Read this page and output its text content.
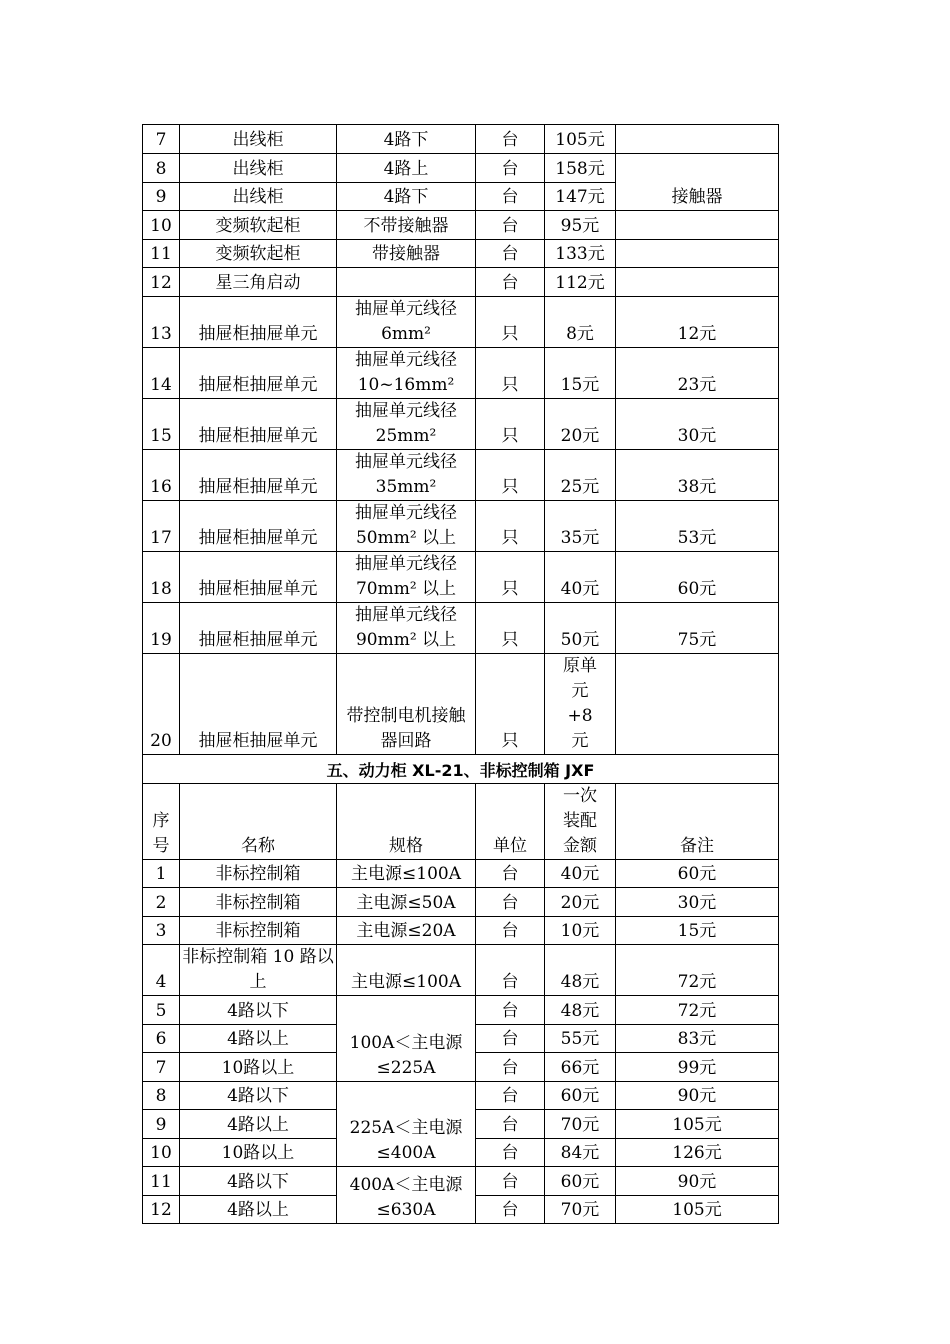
7	出线柜	4路下	台	105元	
8	出线柜	4路上	台	158元	接触器
9	出线柜	4路下	台	147元	
10	变频软起柜	不带接触器	台	95元	
11	变频软起柜	带接触器	台	133元	
12	星三角启动		台	112元	
13	抽屉柜抽屉单元	抽屉单元线径 6mm²	只	8元	12元
14	抽屉柜抽屉单元	抽屉单元线径 10~16mm²	只	15元	23元
15	抽屉柜抽屉单元	抽屉单元线径 25mm²	只	20元	30元
16	抽屉柜抽屉单元	抽屉单元线径 35mm²	只	25元	38元
17	抽屉柜抽屉单元	抽屉单元线径 50mm² 以上	只	35元	53元
18	抽屉柜抽屉单元	抽屉单元线径 70mm² 以上	只	40元	60元
19	抽屉柜抽屉单元	抽屉单元线径 90mm² 以上	只	50元	75元
20	抽屉柜抽屉单元	带控制电机接触器回路	只	原单元+8元	
五、动力柜 XL-21、非标控制箱 JXF					
序号	名称	规格	单位	一次装配金额	备注
1	非标控制箱	主电源≤100A	台	40元	60元
2	非标控制箱	主电源≤50A	台	20元	30元
3	非标控制箱	主电源≤20A	台	10元	15元
4	非标控制箱 10 路以上	主电源≤100A	台	48元	72元
5	4路以下	100A＜主电源≤225A	台	48元	72元
6	4路以上		台	55元	83元
7	10路以上		台	66元	99元
8	4路以下	225A＜主电源≤400A	台	60元	90元
9	4路以上		台	70元	105元
10	10路以上		台	84元	126元
11	4路以下	400A＜主电源≤630A	台	60元	90元
12	4路以上		台	70元	105元
